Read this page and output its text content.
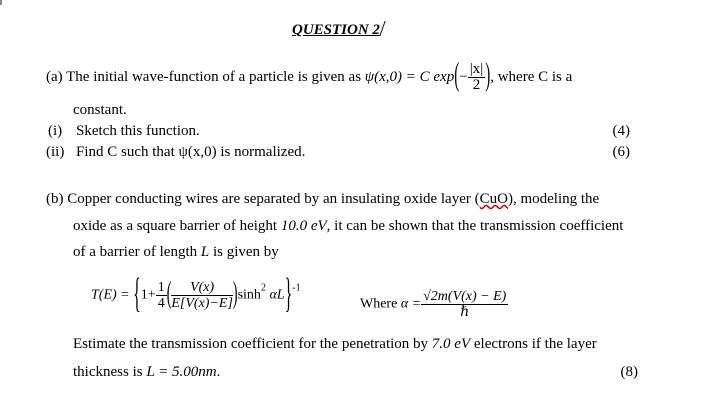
QUESTION 2
(a) The initial wave-function of a particle is given as ψ(x,0) = C $\exp(- \frac{|x|}{2}$ ), where C is a
constant.
(i) Sketch this function.	(4)
(ii) Find C such that ψ(x,0) is normalized.	(6)
(b) Copper conducting wires are separated by an insulating oxide layer (CuO), modeling the
oxide as a square barrier of height 10.0 eV, it can be shown that the transmission coefficient
of a barrier of length L is given by
$T(E) = \{1+ \frac{1}{4}$ ( $\frac{V(x)}{E[V(x)-E]} )\sinh^2$ αL}$^{-1}$
Where $\alpha = \frac{√2m(V(x) - E)}{\text{ℏ}}$
Estimate the transmission coefficient for the penetration by 7.0 eV electrons if the layer
thickness is L = 5.00nm.	(8)
